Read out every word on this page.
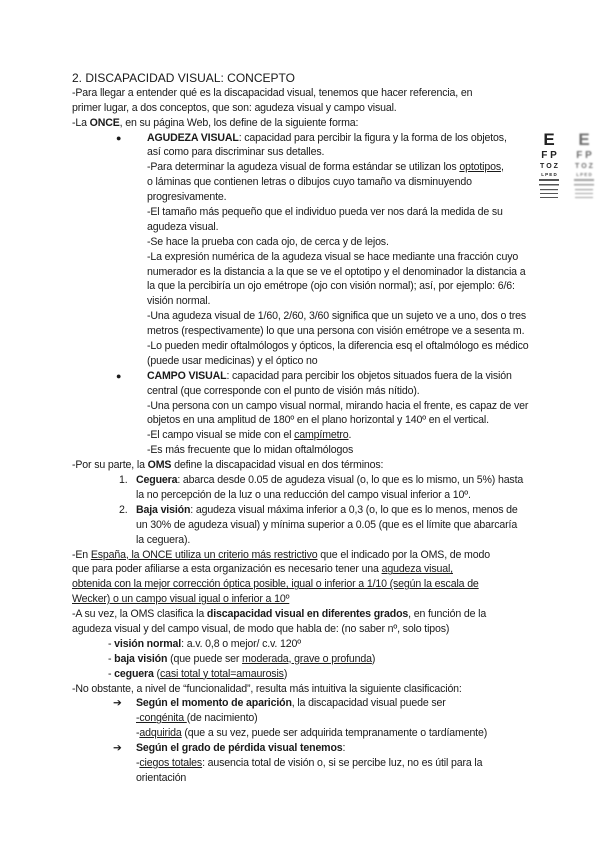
2. DISCAPACIDAD VISUAL: CONCEPTO
-Para llegar a entender qué es la discapacidad visual, tenemos que hacer referencia, en
primer lugar, a dos conceptos, que son: agudeza visual y campo visual.
-La ONCE, en su página Web, los define de la siguiente forma:
● AGUDEZA VISUAL: capacidad para percibir la figura y la forma de los objetos,
así como para discriminar sus detalles.
-Para determinar la agudeza visual de forma estándar se utilizan los optotipos,
o láminas que contienen letras o dibujos cuyo tamaño va disminuyendo
progresivamente.
-El tamaño más pequeño que el individuo pueda ver nos dará la medida de su
agudeza visual.
-Se hace la prueba con cada ojo, de cerca y de lejos.
-La expresión numérica de la agudeza visual se hace mediante una fracción cuyo
numerador es la distancia a la que se ve el optotipo y el denominador la distancia a
la que la percibiría un ojo emétrope (ojo con visión normal); así, por ejemplo: 6/6:
visión normal.
-Una agudeza visual de 1/60, 2/60, 3/60 significa que un sujeto ve a uno, dos o tres
metros (respectivamente) lo que una persona con visión emétrope ve a sesenta m.
-Lo pueden medir oftalmólogos y ópticos, la diferencia esq el oftalmólogo es médico
(puede usar medicinas) y el óptico no
● CAMPO VISUAL: capacidad para percibir los objetos situados fuera de la visión
central (que corresponde con el punto de visión más nítido).
-Una persona con un campo visual normal, mirando hacia el frente, es capaz de ver
objetos en una amplitud de 180º en el plano horizontal y 140º en el vertical.
-El campo visual se mide con el campímetro.
-Es más frecuente que lo midan oftalmólogos
-Por su parte, la OMS define la discapacidad visual en dos términos:
1. Ceguera: abarca desde 0.05 de agudeza visual (o, lo que es lo mismo, un 5%) hasta
la no percepción de la luz o una reducción del campo visual inferior a 10º.
2. Baja visión: agudeza visual máxima inferior a 0,3 (o, lo que es lo menos, menos de
un 30% de agudeza visual) y mínima superior a 0.05 (que es el límite que abarcaría
la ceguera).
-En España, la ONCE utiliza un criterio más restrictivo que el indicado por la OMS, de modo
que para poder afiliarse a esta organización es necesario tener una agudeza visual,
obtenida con la mejor corrección óptica posible, igual o inferior a 1/10 (según la escala de
Wecker) o un campo visual igual o inferior a 10º
-A su vez, la OMS clasifica la discapacidad visual en diferentes grados, en función de la
agudeza visual y del campo visual, de modo que habla de: (no saber nº, solo tipos)
- visión normal: a.v. 0,8 o mejor/ c.v. 120º
- baja visión (que puede ser moderada, grave o profunda)
- ceguera (casi total y total=amaurosis)
-No obstante, a nivel de “funcionalidad”, resulta más intuitiva la siguiente clasificación:
➔ Según el momento de aparición, la discapacidad visual puede ser
-congénita (de nacimiento)
-adquirida (que a su vez, puede ser adquirida tempranamente o tardíamente)
➔ Según el grado de pérdida visual tenemos:
-ciegos totales: ausencia total de visión o, si se percibe luz, no es útil para la
orientación
E
F P
T O Z
L P E D
E
F P
T O Z
L P E D
